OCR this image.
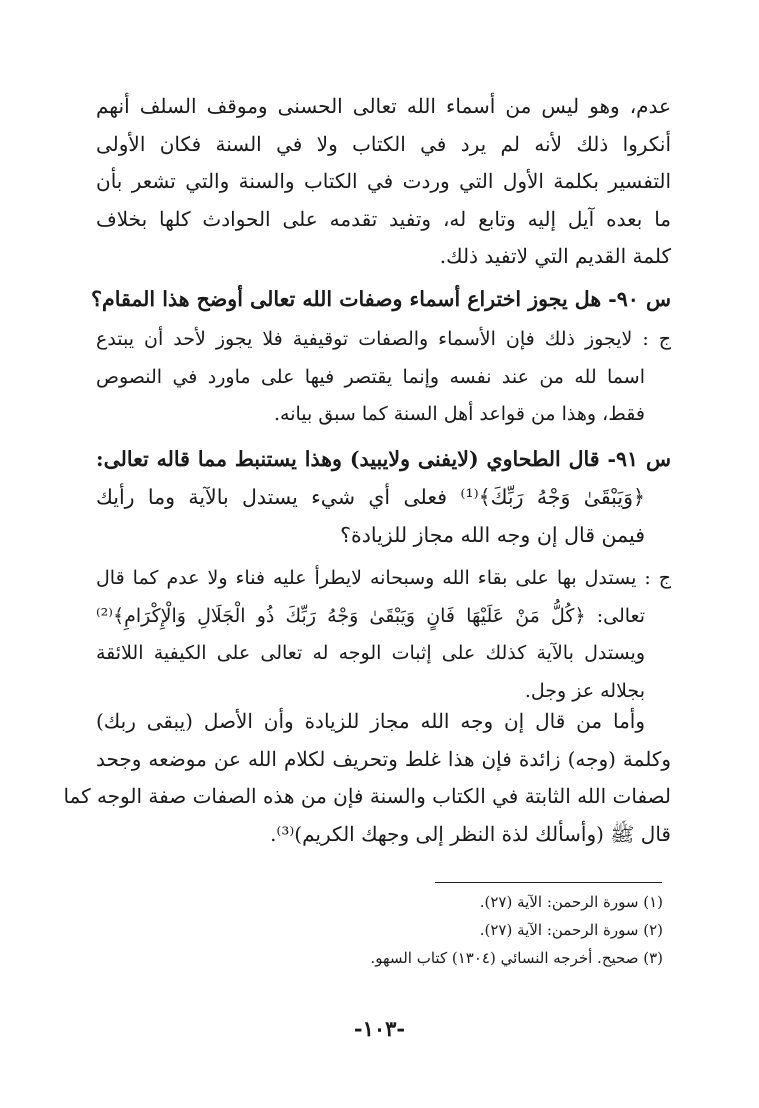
عدم، وهو ليس من أسماء الله تعالى الحسنى وموقف السلف أنهم
أنكروا ذلك لأنه لم يرد في الكتاب ولا في السنة فكان الأولى
التفسير بكلمة الأول التي وردت في الكتاب والسنة والتي تشعر بأن
ما بعده آيل إليه وتابع له، وتفيد تقدمه على الحوادث كلها بخلاف
كلمة القديم التي لاتفيد ذلك.
س ٩٠- هل يجوز اختراع أسماء وصفات الله تعالى أوضح هذا المقام؟
ج : لايجوز ذلك فإن الأسماء والصفات توقيفية فلا يجوز لأحد أن يبتدع
اسما لله من عند نفسه وإنما يقتصر فيها على ماورد في النصوص
فقط، وهذا من قواعد أهل السنة كما سبق بيانه.
س ٩١- قال الطحاوي (لايفنى ولايبيد) وهذا يستنبط مما قاله تعالى:
﴿وَيَبْقَىٰ وَجْهُ رَبِّكَ﴾⁽¹⁾ فعلى أي شيء يستدل بالآية وما رأيك
فيمن قال إن وجه الله مجاز للزيادة؟
ج : يستدل بها على بقاء الله وسبحانه لايطرأ عليه فناء ولا عدم كما قال
تعالى: ﴿كُلُّ مَنْ عَلَيْهَا فَانٍ وَيَبْقَىٰ وَجْهُ رَبِّكَ ذُو الْجَلَالِ وَالْإِكْرَامِ﴾⁽²⁾
ويستدل بالآية كذلك على إثبات الوجه له تعالى على الكيفية اللائقة
بجلاله عز وجل.
وأما من قال إن وجه الله مجاز للزيادة وأن الأصل (يبقى ربك)
وكلمة (وجه) زائدة فإن هذا غلط وتحريف لكلام الله عن موضعه وجحد
لصفات الله الثابتة في الكتاب والسنة فإن من هذه الصفات صفة الوجه كما
قال ﷺ (وأسألك لذة النظر إلى وجهك الكريم)⁽³⁾.
(١) سورة الرحمن: الآية (٢٧).
(٢) سورة الرحمن: الآية (٢٧).
(٣) صحيح. أخرجه النسائي (١٣٠٤) كتاب السهو.
-١٠٣-
